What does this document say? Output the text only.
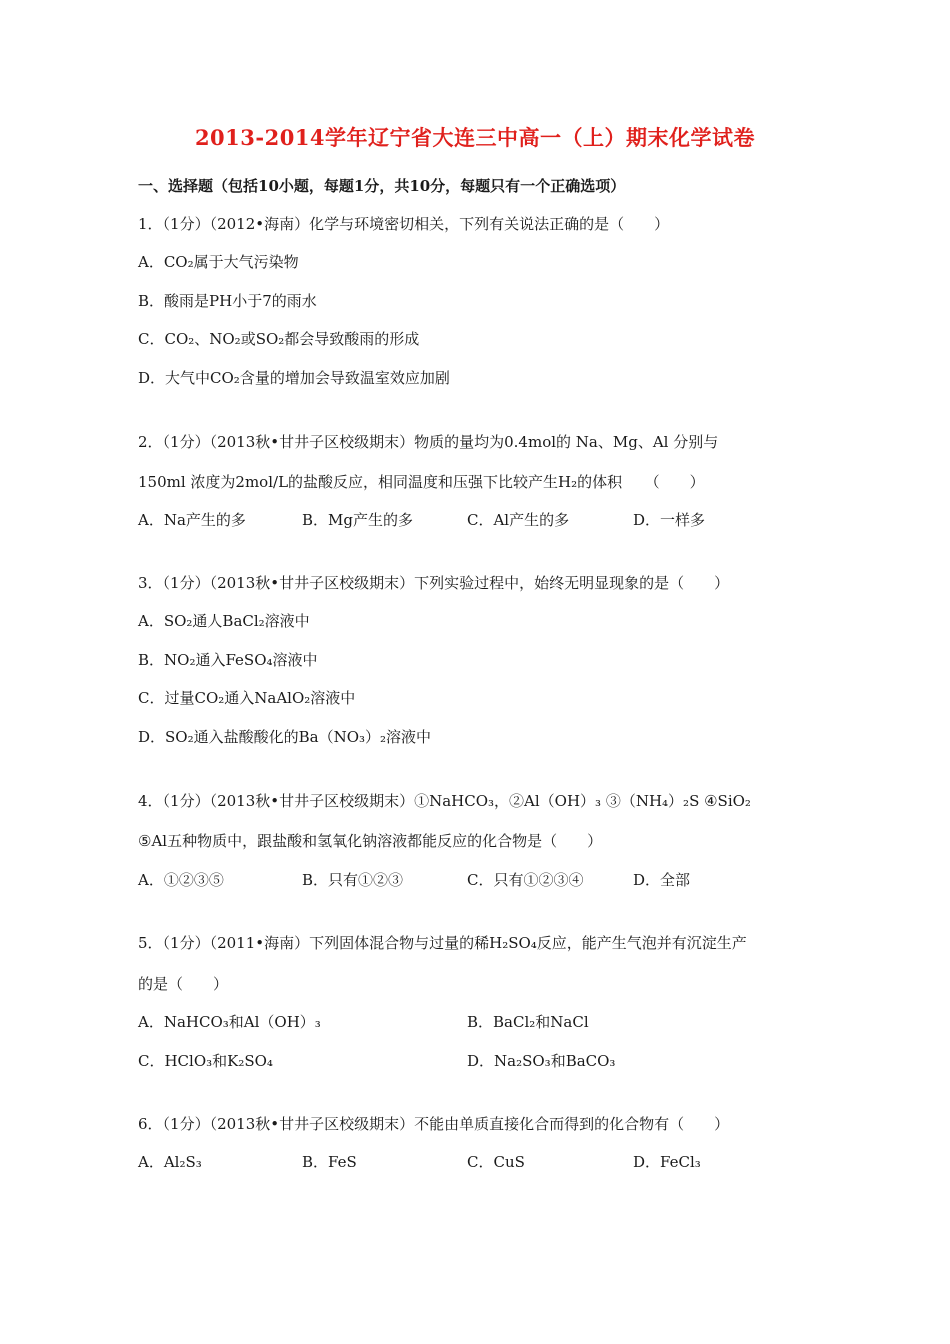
2013-2014学年辽宁省大连三中高一（上）期末化学试卷
一、选择题（包括10小题，每题1分，共10分，每题只有一个正确选项）
1．（1分）（2012•海南）化学与环境密切相关，下列有关说法正确的是（　　）
A．CO₂属于大气污染物
B．酸雨是PH小于7的雨水
C．CO₂、NO₂或SO₂都会导致酸雨的形成
D．大气中CO₂含量的增加会导致温室效应加剧
2．（1分）（2013秋•甘井子区校级期末）物质的量均为0.4mol的 Na、Mg、Al 分别与
150ml 浓度为2mol/L的盐酸反应，相同温度和压强下比较产生H₂的体积　　（　　）
A．Na产生的多	B．Mg产生的多	C．Al产生的多	D．一样多
3．（1分）（2013秋•甘井子区校级期末）下列实验过程中，始终无明显现象的是（　　）
A．SO₂通人BaCl₂溶液中
B．NO₂通入FeSO₄溶液中
C．过量CO₂通入NaAlO₂溶液中
D．SO₂通入盐酸酸化的Ba（NO₃）₂溶液中
4．（1分）（2013秋•甘井子区校级期末）①NaHCO₃，②Al（OH）₃ ③（NH₄）₂S ④SiO₂
⑤Al五种物质中，跟盐酸和氢氧化钠溶液都能反应的化合物是（　　）
A．①②③⑤	B．只有①②③	C．只有①②③④	D．全部
5．（1分）（2011•海南）下列固体混合物与过量的稀H₂SO₄反应，能产生气泡并有沉淀生产
的是（　　）
A．NaHCO₃和Al（OH）₃	B．BaCl₂和NaCl
C．HClO₃和K₂SO₄	D．Na₂SO₃和BaCO₃
6．（1分）（2013秋•甘井子区校级期末）不能由单质直接化合而得到的化合物有（　　）
A．Al₂S₃	B．FeS	C．CuS	D．FeCl₃
